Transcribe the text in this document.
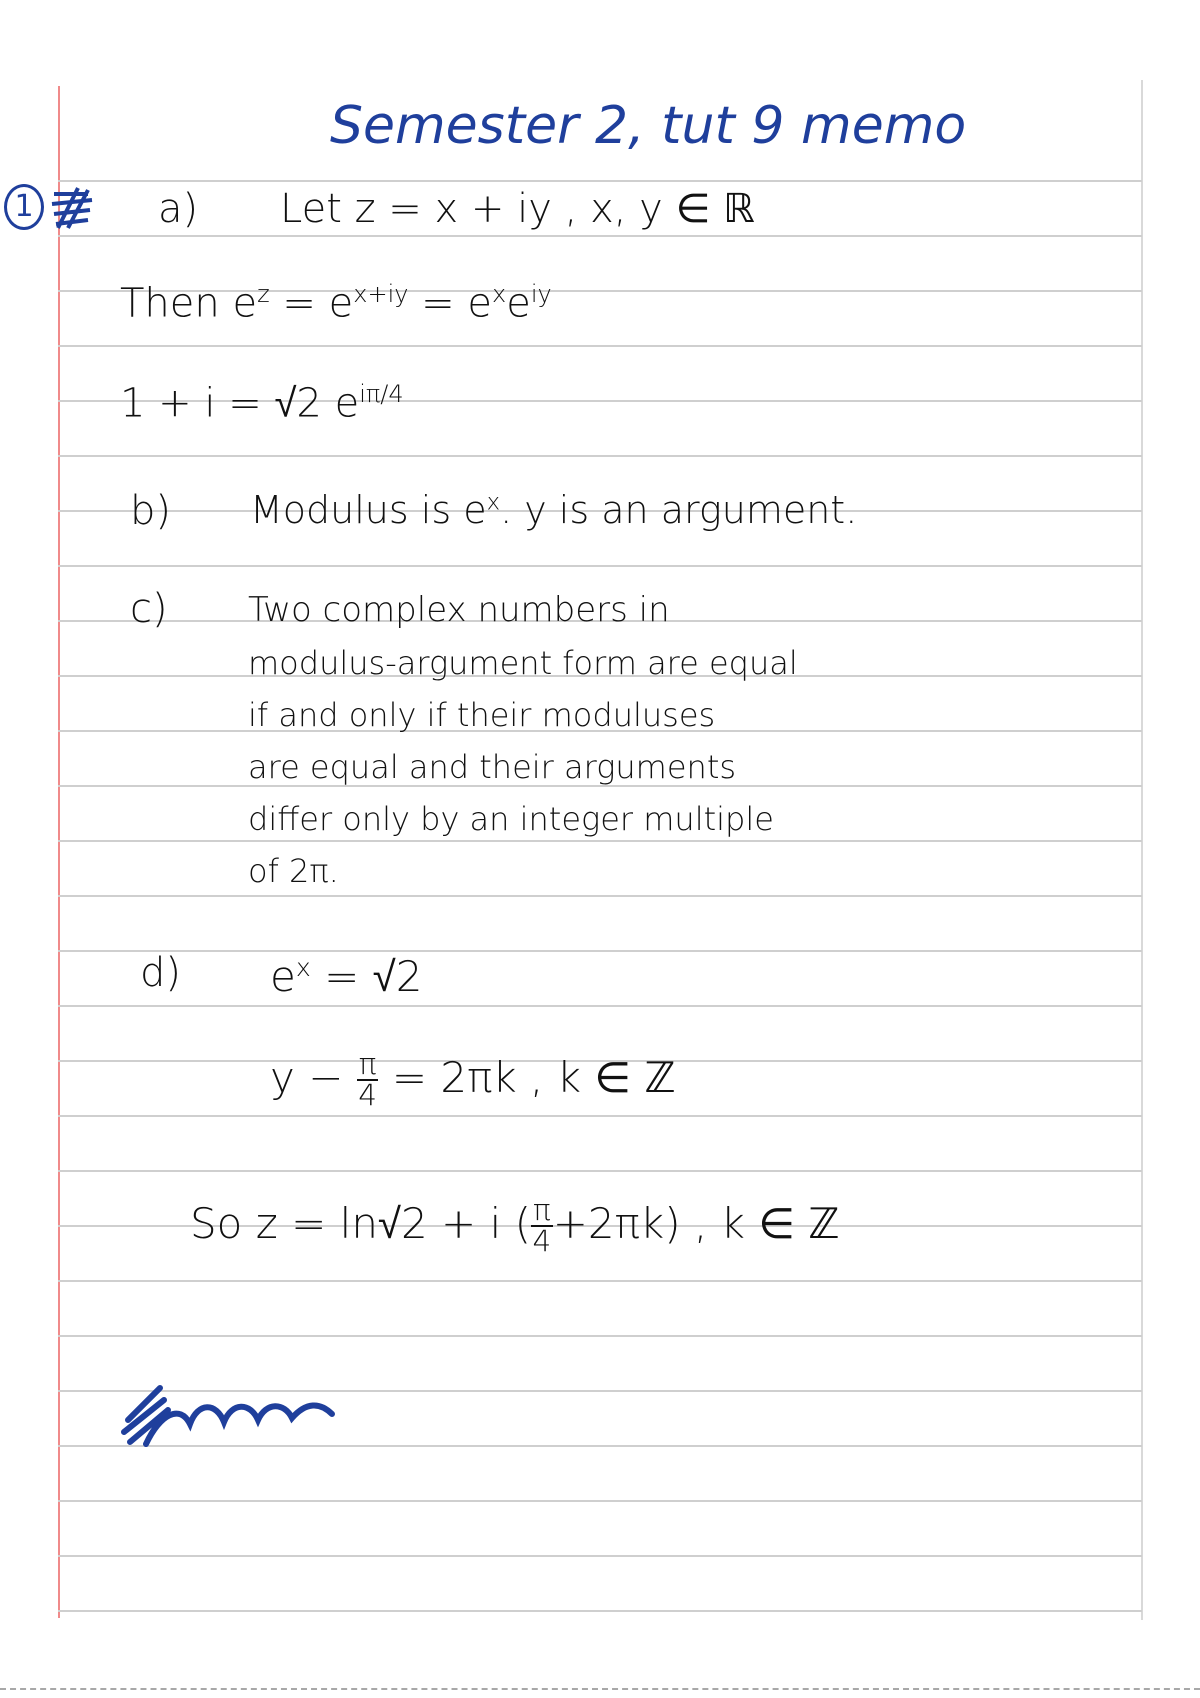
Semester 2, tut 9 memo
1	a) Let z = x + iy , x, y ∈ ℝ
Then $e^z = e^{x+iy} = e^xe^{iy}$
1 + i = √2 $e^{i\pi/4}$
b) Modulus is $e^x$. y is an argument.
c) Two complex numbers in
modulus-argument form are equal
if and only if their moduluses
are equal and their arguments
differ only by an integer multiple
of 2π.
d) $e^x = √2$
$y - \frac{\pi}{4} = 2\pi k$ , k ∈ ℤ
So z = ln√2 + i ( $\frac{\pi}{4} +2\pi k$) , k ∈ ℤ
